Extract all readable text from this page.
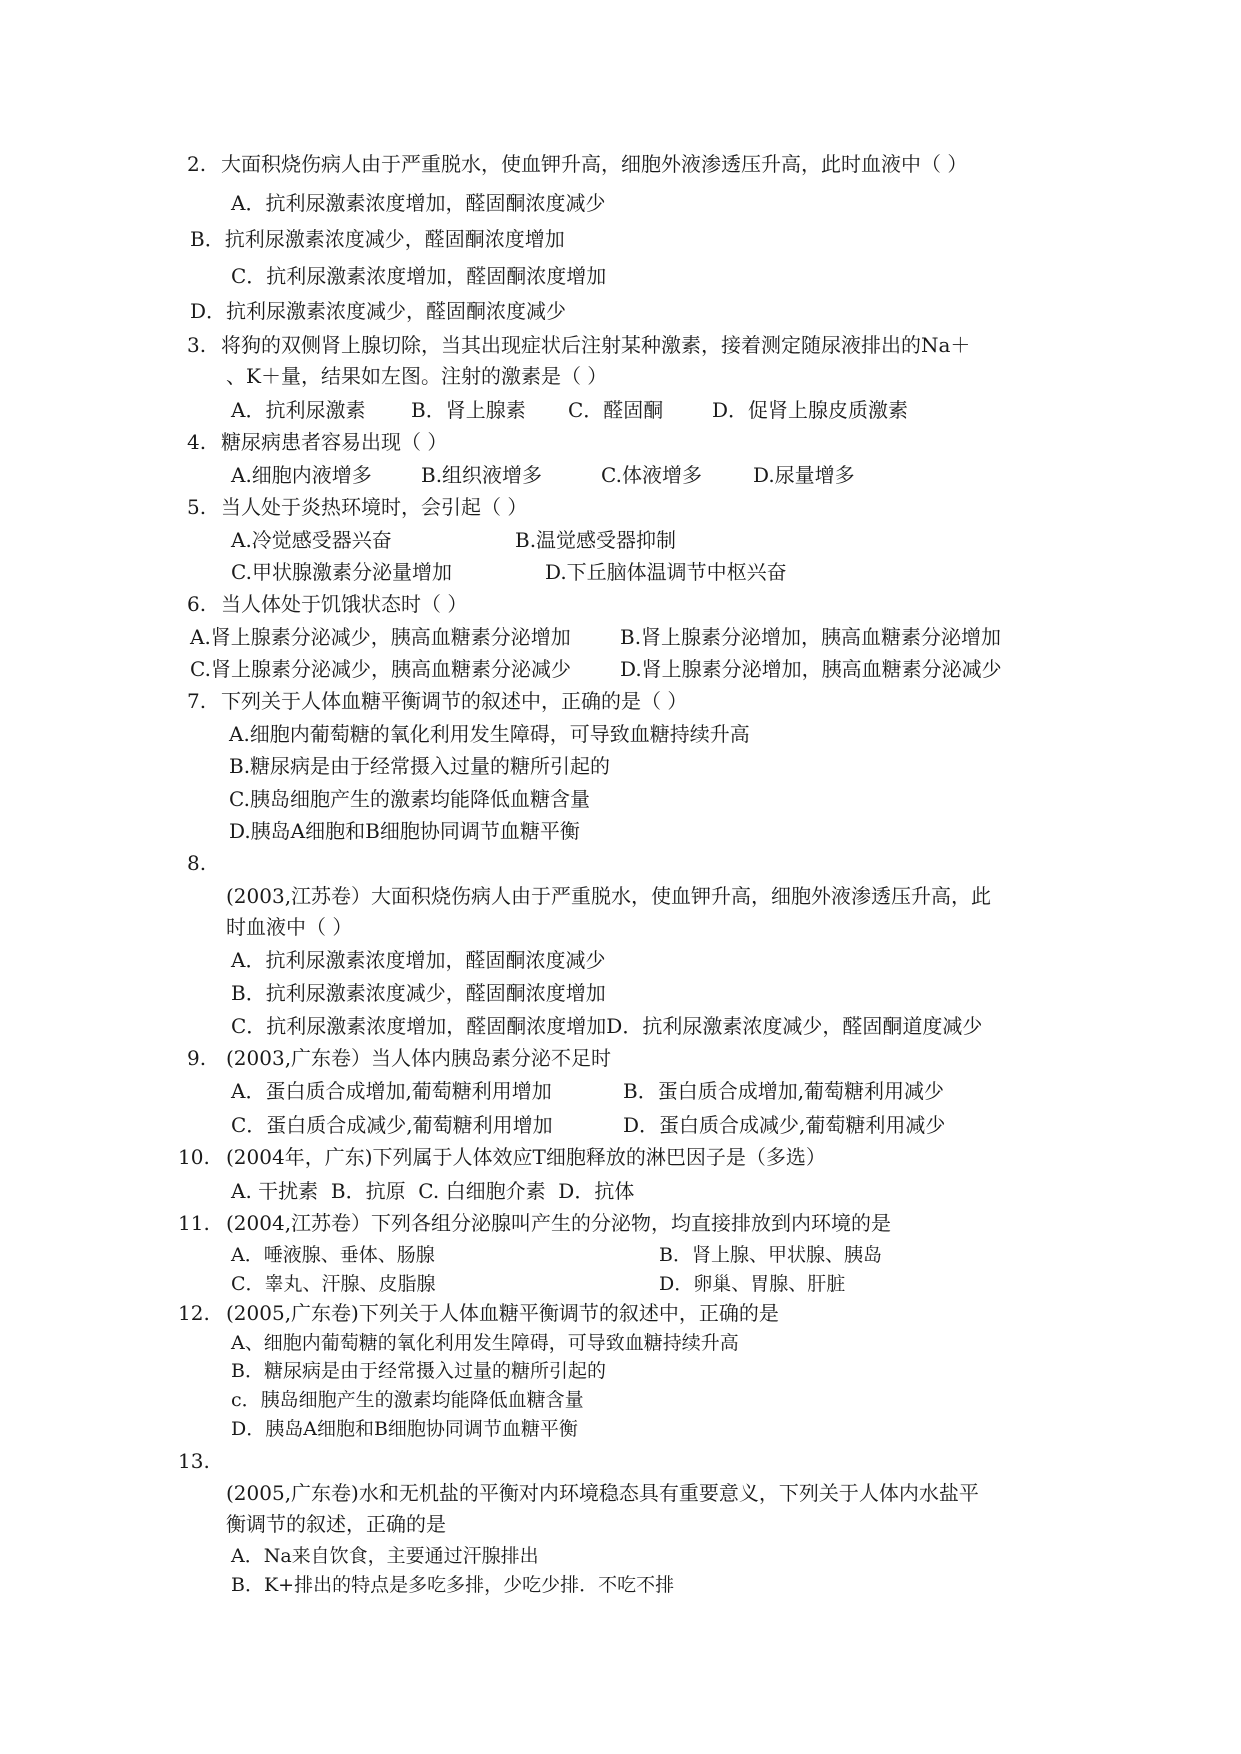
2. 大面积烧伤病人由于严重脱水，使血钾升高，细胞外液渗透压升高，此时血液中（ ）
A．抗利尿激素浓度增加，醛固酮浓度减少
B．抗利尿激素浓度减少，醛固酮浓度增加
C．抗利尿激素浓度增加，醛固酮浓度增加
D．抗利尿激素浓度减少，醛固酮浓度减少
3. 将狗的双侧肾上腺切除，当其出现症状后注射某种激素，接着测定随尿液排出的Na＋
、K＋量，结果如左图。注射的激素是（ ）
A．抗利尿激素 B．肾上腺素 C．醛固酮 D．促肾上腺皮质激素
4. 糖尿病患者容易出现（ ）
A.细胞内液增多 B.组织液增多	C.体液增多	D.尿量增多
5. 当人处于炎热环境时，会引起（ ）
A.冷觉感受器兴奋	B.温觉感受器抑制
C.甲状腺激素分泌量增加	D.下丘脑体温调节中枢兴奋
6. 当人体处于饥饿状态时（ ）
A.肾上腺素分泌减少，胰高血糖素分泌增加 B.肾上腺素分泌增加，胰高血糖素分泌增加
C.肾上腺素分泌减少，胰高血糖素分泌减少 D.肾上腺素分泌增加，胰高血糖素分泌减少
7. 下列关于人体血糖平衡调节的叙述中，正确的是（ ）
A.细胞内葡萄糖的氧化利用发生障碍，可导致血糖持续升高
B.糖尿病是由于经常摄入过量的糖所引起的
C.胰岛细胞产生的激素均能降低血糖含量
D.胰岛A细胞和B细胞协同调节血糖平衡
8.
(2003,江苏卷）大面积烧伤病人由于严重脱水，使血钾升高，细胞外液渗透压升高，此
时血液中（ ）
A．抗利尿激素浓度增加，醛固酮浓度减少
B．抗利尿激素浓度减少，醛固酮浓度增加
C．抗利尿激素浓度增加，醛固酮浓度增加D．抗利尿激素浓度减少，醛固酮道度减少
9. (2003,广东卷）当人体内胰岛素分泌不足时
A．蛋白质合成增加,葡萄糖利用增加	B．蛋白质合成增加,葡萄糖利用减少
C．蛋白质合成减少,葡萄糖利用增加	D．蛋白质合成减少,葡萄糖利用减少
10. (2004年，广东)下列属于人体效应T细胞释放的淋巴因子是（多选）
A. 干扰素  B．抗原  C. 白细胞介素  D．抗体
11. (2004,江苏卷）下列各组分泌腺叫产生的分泌物，均直接排放到内环境的是
A．唾液腺、垂体、肠腺	B．肾上腺、甲状腺、胰岛
C．睾丸、汗腺、皮脂腺	D．卵巢、胃腺、肝脏
12. (2005,广东卷)下列关于人体血糖平衡调节的叙述中，正确的是
A、细胞内葡萄糖的氧化利用发生障碍，可导致血糖持续升高
B．糖尿病是由于经常摄入过量的糖所引起的
c．胰岛细胞产生的激素均能降低血糖含量
D．胰岛A细胞和B细胞协同调节血糖平衡
13.
(2005,广东卷)水和无机盐的平衡对内环境稳态具有重要意义，下列关于人体内水盐平
衡调节的叙述，正确的是
A．Na来自饮食，主要通过汗腺排出
B．K+排出的特点是多吃多排，少吃少排．不吃不排
